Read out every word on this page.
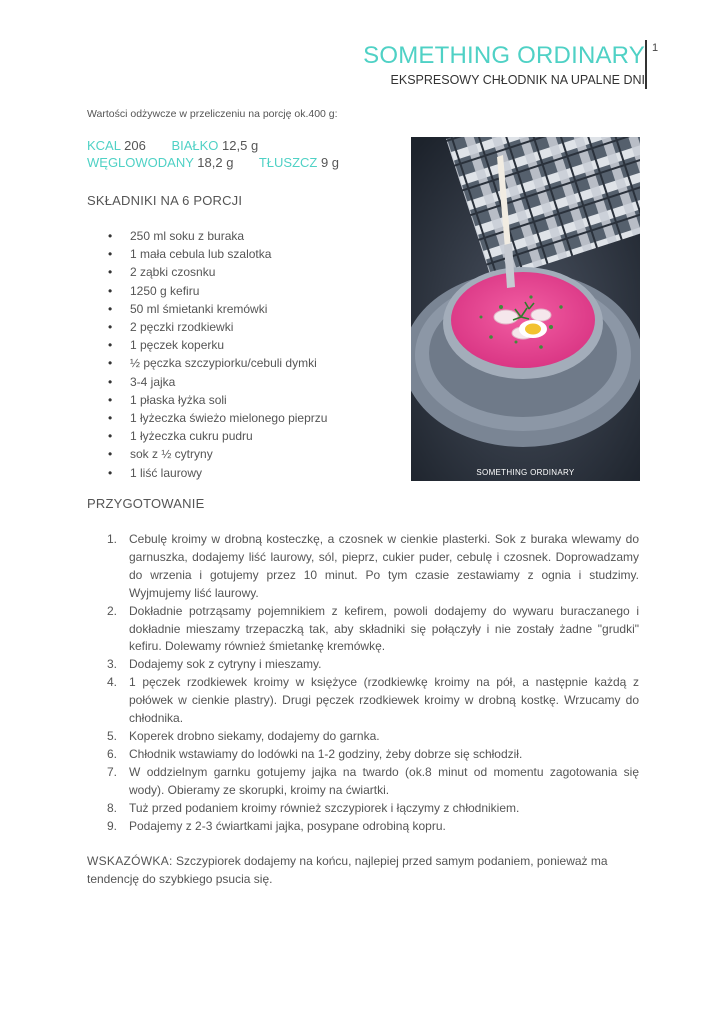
SOMETHING ORDINARY
EKSPRESOWY CHŁODNIK NA UPALNE DNI
1
Wartości odżywcze w przeliczeniu na porcję ok.400 g:
KCAL 206 BIAŁKO 12,5 g
WĘGLOWODANY 18,2 g TŁUSZCZ 9 g
SKŁADNIKI NA 6 PORCJI
• 250 ml soku z buraka
• 1 mała cebula lub szalotka
• 2 ząbki czosnku
• 1250 g kefiru
• 50 ml śmietanki kremówki
• 2 pęczki rzodkiewki
• 1 pęczek koperku
• ½ pęczka szczypiorku/cebuli dymki
• 3-4 jajka
• 1 płaska łyżka soli
• 1 łyżeczka świeżo mielonego pieprzu
• 1 łyżeczka cukru pudru
• sok z ½ cytryny
• 1 liść laurowy	SOMETHING ORDINARY
PRZYGOTOWANIE
1. Cebulę kroimy w drobną kosteczkę, a czosnek w cienkie plasterki. Sok z buraka wlewamy do garnuszka, dodajemy liść laurowy, sól, pieprz, cukier puder, cebulę i czosnek. Doprowadzamy do wrzenia i gotujemy przez 10 minut. Po tym czasie zestawiamy z ognia i studzimy. Wyjmujemy liść laurowy.
2. Dokładnie potrząsamy pojemnikiem z kefirem, powoli dodajemy do wywaru buraczanego i dokładnie mieszamy trzepaczką tak, aby składniki się połączyły i nie zostały żadne "grudki" kefiru. Dolewamy również śmietankę kremówkę.
3. Dodajemy sok z cytryny i mieszamy.
4. 1 pęczek rzodkiewek kroimy w księżyce (rzodkiewkę kroimy na pół, a następnie każdą z połówek w cienkie plastry). Drugi pęczek rzodkiewek kroimy w drobną kostkę. Wrzucamy do chłodnika.
5. Koperek drobno siekamy, dodajemy do garnka.
6. Chłodnik wstawiamy do lodówki na 1-2 godziny, żeby dobrze się schłodził.
7. W oddzielnym garnku gotujemy jajka na twardo (ok.8 minut od momentu zagotowania się wody). Obieramy ze skorupki, kroimy na ćwiartki.
8. Tuż przed podaniem kroimy również szczypiorek i łączymy z chłodnikiem.
9. Podajemy z 2-3 ćwiartkami jajka, posypane odrobiną kopru.
WSKAZÓWKA: Szczypiorek dodajemy na końcu, najlepiej przed samym podaniem, ponieważ ma tendencję do szybkiego psucia się.
